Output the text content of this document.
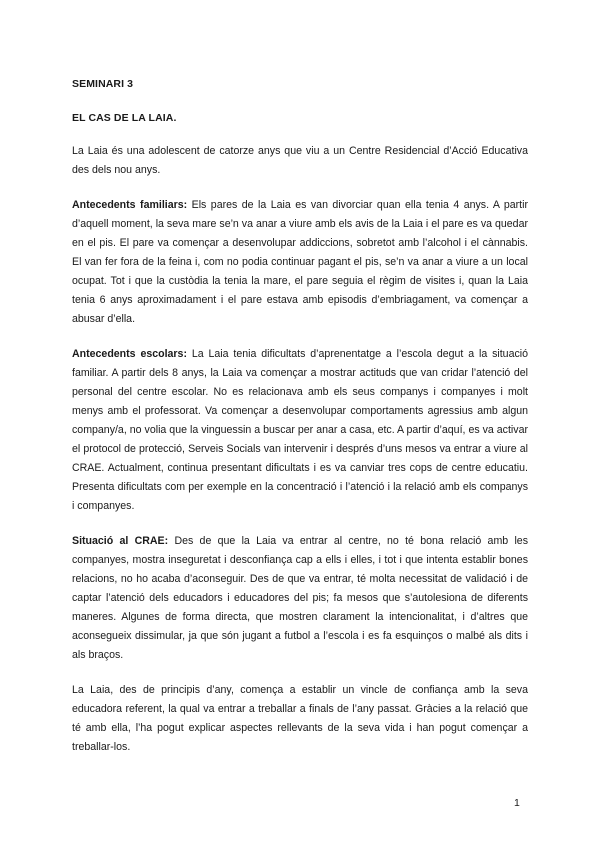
SEMINARI 3
EL CAS DE LA LAIA.

La Laia és una adolescent de catorze anys que viu a un Centre Residencial d’Acció Educativa des dels nou anys.

Antecedents familiars: Els pares de la Laia es van divorciar quan ella tenia 4 anys. A partir d’aquell moment, la seva mare se’n va anar a viure amb els avis de la Laia i el pare es va quedar en el pis. El pare va començar a desenvolupar addiccions, sobretot amb l’alcohol i el cànnabis. El van fer fora de la feina i, com no podia continuar pagant el pis, se’n va anar a viure a un local ocupat. Tot i que la custòdia la tenia la mare, el pare seguia el règim de visites i, quan la Laia tenia 6 anys aproximadament i el pare estava amb episodis d’embriagament, va començar a abusar d’ella.

Antecedents escolars: La Laia tenia dificultats d’aprenentatge a l’escola degut a la situació familiar. A partir dels 8 anys, la Laia va començar a mostrar actituds que van cridar l’atenció del personal del centre escolar. No es relacionava amb els seus companys i companyes i molt menys amb el professorat. Va començar a desenvolupar comportaments agressius amb algun company/a, no volia que la vinguessin a buscar per anar a casa, etc. A partir d’aquí, es va activar el protocol de protecció, Serveis Socials van intervenir i després d’uns mesos va entrar a viure al CRAE. Actualment, continua presentant dificultats i es va canviar tres cops de centre educatiu. Presenta dificultats com per exemple en la concentració i l’atenció i la relació amb els companys i companyes.

Situació al CRAE: Des de que la Laia va entrar al centre, no té bona relació amb les companyes, mostra inseguretat i desconfiança cap a ells i elles, i tot i que intenta establir bones relacions, no ho acaba d’aconseguir. Des de que va entrar, té molta necessitat de validació i de captar l’atenció dels educadors i educadores del pis; fa mesos que s’autolesiona de diferents maneres. Algunes de forma directa, que mostren clarament la intencionalitat, i d’altres que aconsegueix dissimular, ja que són jugant a futbol a l’escola i es fa esquinços o malbé als dits i als braços.

La Laia, des de principis d’any, comença a establir un vincle de confiança amb la seva educadora referent, la qual va entrar a treballar a finals de l’any passat. Gràcies a la relació que té amb ella, l’ha pogut explicar aspectes rellevants de la seva vida i han pogut començar a treballar-los.

1
